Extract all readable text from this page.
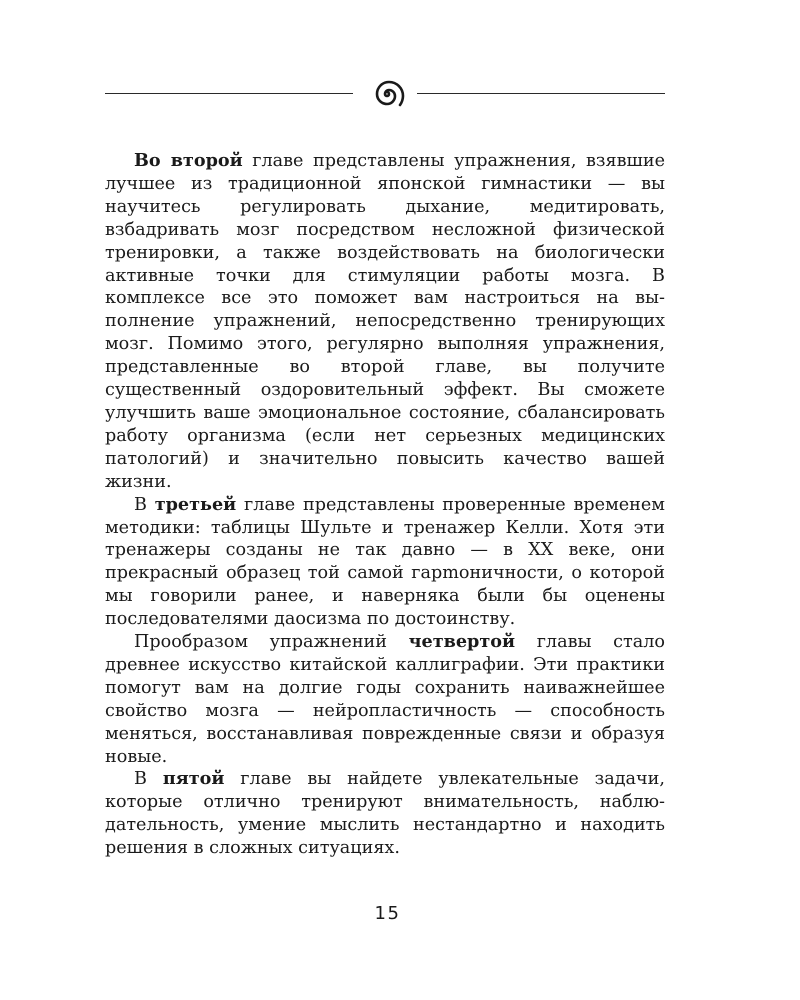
Во второй главе представлены упражнения, взявшие лучшее из традиционной японской гимнастики — вы научитесь регулировать дыхание, медитировать, взбадривать мозг посредством несложной физической тренировки, а также воздействовать на биологически активные точки для стимуляции работы мозга. В комплексе все это поможет вам настроиться на выполнение упражнений, непосредственно тренирующих мозг. Помимо этого, регулярно выполняя упражнения, представленные во второй главе, вы получите существенный оздоровительный эффект. Вы сможете улучшить ваше эмоциональное состояние, сбалансировать работу организма (если нет серьезных медицинских патологий) и значительно повысить качество вашей жизни.

В третьей главе представлены проверенные временем методики: таблицы Шульте и тренажер Келли. Хотя эти тренажеры созданы не так давно — в XX веке, они прекрасный образец той самой гарmоничности, о которой мы говорили ранее, и наверняка были бы оценены последователями даосизма по достоинству.

Прообразом упражнений четвертой главы стало древнее искусство китайской каллиграфии. Эти практики помогут вам на долгие годы сохранить наиважнейшее свойство мозга — нейропластичность — способность меняться, восстанавливая поврежденные связи и образуя новые.

В пятой главе вы найдете увлекательные задачи, которые отлично тренируют внимательность, наблюдательность, умение мыслить нестандартно и находить решения в сложных ситуациях.

15
